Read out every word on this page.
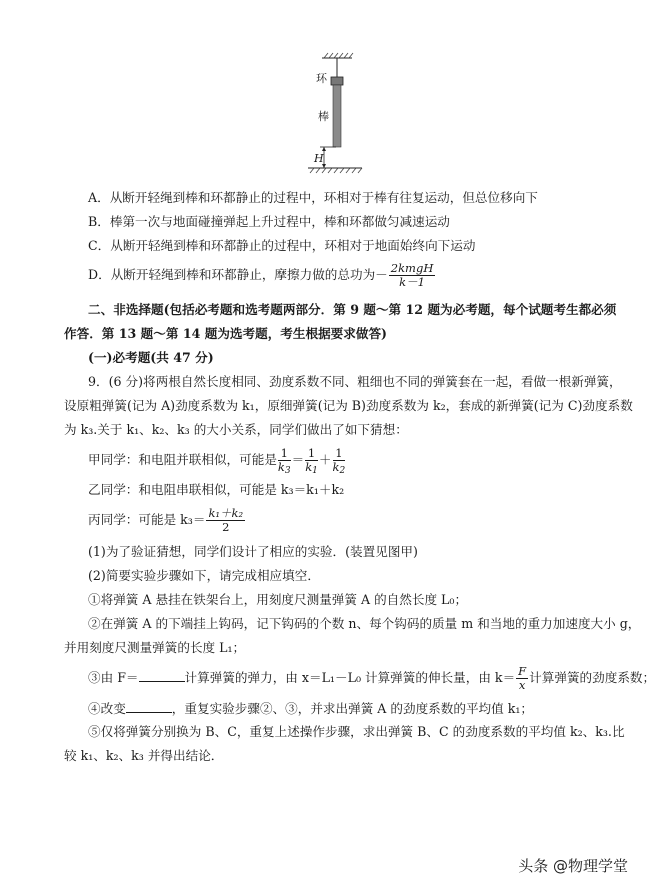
环
棒
H
A．从断开轻绳到棒和环都静止的过程中，环相对于棒有往复运动，但总位移向下
B．棒第一次与地面碰撞弹起上升过程中，棒和环都做匀减速运动
C．从断开轻绳到棒和环都静止的过程中，环相对于地面始终向下运动
D．从断开轻绳到棒和环都静止，摩擦力做的总功为－ $\frac{\text{2kmgH}}{k-1}$
二、非选择题(包括必考题和选考题两部分．第 9 题～第 12 题为必考题，每个试题考生都必须
作答．第 13 题～第 14 题为选考题，考生根据要求做答)
(一)必考题(共 47 分)
9．(6 分)将两根自然长度相同、劲度系数不同、粗细也不同的弹簧套在一起，看做一根新弹簧，
设原粗弹簧(记为 A)劲度系数为 k₁，原细弹簧(记为 B)劲度系数为 k₂，套成的新弹簧(记为 C)劲度系数
为 k₃.关于 k₁、k₂、k₃ 的大小关系，同学们做出了如下猜想：
甲同学：和电阻并联相似，可能是 $\frac{1}{k_3} = \frac{1}{k_1} + \frac{1}{k_2}$
乙同学：和电阻串联相似，可能是 k₃＝k₁＋k₂
丙同学：可能是 $k_3= \frac{\text{k₁＋k₂}}{2}$
(1)为了验证猜想，同学们设计了相应的实验．(装置见图甲)
(2)简要实验步骤如下，请完成相应填空．
①将弹簧 A 悬挂在铁架台上，用刻度尺测量弹簧 A 的自然长度 L₀；
②在弹簧 A 的下端挂上钩码，记下钩码的个数 n、每个钩码的质量 m 和当地的重力加速度大小 g，
并用刻度尺测量弹簧的长度 L₁；
③由 F＝	计算弹簧的弹力，由 x＝L₁－L₀ 计算弹簧的伸长量，由 $k= \frac{F}{x}$ 计算弹簧的劲度系数；
④改变	，重复实验步骤②、③，并求出弹簧 A 的劲度系数的平均值 k₁；
⑤仅将弹簧分别换为 B、C，重复上述操作步骤，求出弹簧 B、C 的劲度系数的平均值 k₂、k₃.比
较 k₁、k₂、k₃ 并得出结论．
头条 @物理学堂
